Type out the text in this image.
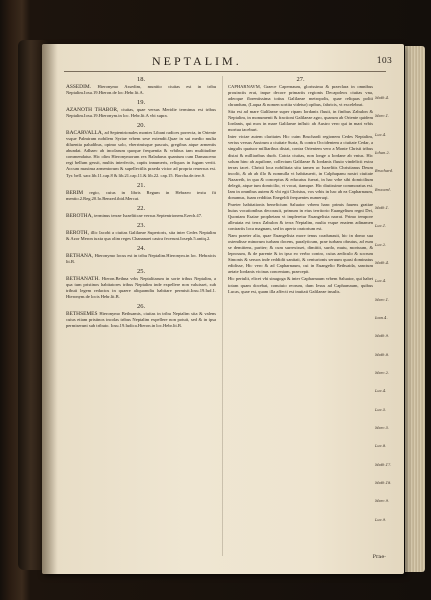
NEPTALIM.	103
18.
ASSEDIM. Hieronymo Assedim, munitio ciuitas est in tribu Neptalim.Iosu.19.Hieron.de loc.Hebr.lit.A.
19.
AZANOTH THABOR, ciuitas, quae versus Meridie terminus est tribus Neptalim.Iosu.19.Hieronym.in loc. Hebr.lit.A vbi supra.
20.
BACARVALLA, ad Septentrionales montes Libani radices porrecta, in Oriente vsque Palmiram nobilem Syriae vrbem sese extendit.Quae in sui medio multa diluentia paludibus, opimo solo, vberrimisque pascuis, gregibus atque armentis abundat. Adhaec ab incolarum quoque frequentia & vrbibus tam multitudine commendatur. Hic olim Hieronymorum rex Baladarus quantum cum Damasceno regi bellum gessit, multis interfectis, captis innumeris, reliquos in fugam vertit. Accum maxima armentorum & supellectilis praeda victor ad propria reuersus est. Tyr. bell. sacr.lib.11.cap.8 & lib.21.cap.11.& lib.22. cap.15. Borcha.de.terr.S.
21.
BERIM regio, cuius in libris Regum in Hebraeo textu fit mentio.2.Reg.20.Io.Benzed.ibid.Mercat.
22.
BEROTHA, terminus terrae Israeliticae versus Septentrionem.Ezech.47.
23.
BEROTH, illic Iacobi a ciuitas Galilaeae Superioris, sita inter Cedes Neptalim & Azor Meron iuxta qua olim reges Chananaei castra fecerunt.Ioseph.5.antiq.2.
24.
BETHANA, Hieronymo locus est in tribu Neptalim.Hieronym.in loc. Hebraicis lit.B.
25.
BETHANATH. Hieron.Bethna vrbs Neptalitarum in sorte tribus Neptalim, a qua tum pristinos habitatores tribus Neptalim inde expellere non valuisset, sub tributi legem redactos in quaere aliquamdiu habitare permisit.Iosu.19.Iud.1. Hieronym.de locis Hebr.lit.B.
26.
BETHSEMES Hieronymo Bethsamis, ciuitas in tribu Neptalim sita & valens cuius etiam pristinos incolas tribus Neptalim expellere non potuit, sed & in ipsa permiserunt sub tributo. Iosu.19.Iudica.Hieron.in loc.Hebr.lit.B.
27.
CAPHARNAVM, Graece Capernaum, glorissima & praeclara in omnibus prouinciis erat, inque decore primariis regionis Decapoleos ciuitas vna, adeoque florentissima totius Galilaeae metropolis, quae reliquas politi chrandum, (Laqua & nomen sortita videtur) opibus, fabricis, vt excelebrat.
Sita est ad mare Galilaeae super ripam Iordanis fluuii, in finibus Zabulon & Neptalim, in monumenti & fractioni Galilaeae agro, quarum ab Oriente quidem Iordanis, qui mox in mare Galilaeae influit: ab Austro vero qui in mari vrbis mortua iaceburt.
Inter viciae autem claritates Hic cuim Bruchardi regionem Cedes Neptalim, verius versus Austrum a ciuitate Suria, & contra Occidentem a ciuitate Cedar, a singulis quatuor milliaribus distat, contra Orientem vero a Monte Christi tribus distat & milliaribus duob. Catcia ciuitas, non longe a Iordane ab vnius. Hic solum hinc ab aquilone, collectum Galilaeae & Iordanis fluuio vindelicii extra terras iacet. Christi loca nobilitata situ tamen ac Israelitis Christianus Deum incolit, & ab ab illo & nonnulla vt habitauerit, in Calphapanu nostri ciuitate Nazareth, in qua & conceptus & educatus fuerat, in hac vrbe sibi domicilium delegit, atque tum domicilio, vt vocat, tiamque. Hic diutissime commoratus est. Iam in omnibus autem & vbi egit Christus, vos vrbis in hac ab ea Capharnaum, donamus, fuam redditas Enegeldi frequentes numeruqi.
Praeter habitationis beneficium Saluator vrbem hanc primis fauens gratiae huius vocationibus decorauit, primum in eius territorio Euangelium regni Dei, Quoniam Esaiae prophetam vt impleretur Euangelista narrat. Primo tempore alleuiata est terra Zabulon & terra Neptalim, multa vsque enatem adinamen contrariis loca magnam, sed in aperto oratorium est.
Nam praeter alia, quae Euangelista more tenus coadunauit, hic in domo sua ostendisse minorum turbam docens, paralyticum, prae turbam obrutus, ad eum se demittens, pariter; & cum surrexisset, dimittit, surdo, mutu, mortuum, & leprosum, & de parente & in ipso eo verbo contro, cuius aediculo & socrum Simonis & seruos inde reddidit sanitati, & centurionis seruum quasi dominatus edidisse, Hic vero & ad Capharnaum, cui in Euangelio Bethsaida, sanctum aetate Iordanis vicinas concentam, praecepit.
Hic pertulit, elicet vbi sinagoga & inter Capharnaum vrbem Saluator, qui habet totam quam docebat, conuiuio reorum, dum Iesus ad Capharnaum, quibus Lucas, quae est, quam illa affecti est inuitati Galilaeae insulis.
Math.4.
Marc.1.
Luc.4.
Iohan.2.
Bruchard.
Brocard.
Math.1.
Luc.1.
Luc.2.
Math.4.
Luc.4.
Marc.1.
Ioan.4.
Math.9.
Math.8.
Marc.2.
Luc.4.
Luc.5.
Marc.5.
Luc.8.
Math.17.
Math.18.
Marc.9.
Luc.9.
Prae-
